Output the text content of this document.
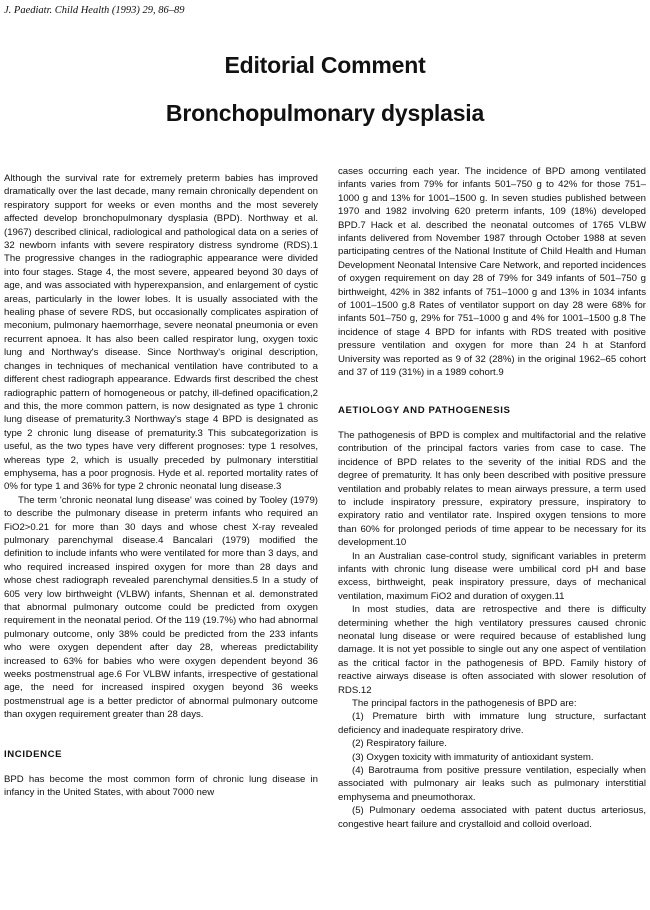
J. Paediatr. Child Health (1993) 29, 86–89
Editorial Comment
Bronchopulmonary dysplasia

Although the survival rate for extremely preterm babies has improved dramatically over the last decade, many remain chronically dependent on respiratory support for weeks or even months and the most severely affected develop bronchopulmonary dysplasia (BPD). Northway et al. (1967) described clinical, radiological and pathological data on a series of 32 newborn infants with severe respiratory distress syndrome (RDS).1 The progressive changes in the radiographic appearance were divided into four stages. Stage 4, the most severe, appeared beyond 30 days of age, and was associated with hyperexpansion, and enlargement of cystic areas, particularly in the lower lobes. It is usually associated with the healing phase of severe RDS, but occasionally complicates aspiration of meconium, pulmonary haemorrhage, severe neonatal pneumonia or even recurrent apnoea. It has also been called respirator lung, oxygen toxic lung and Northway's disease. Since Northway's original description, changes in techniques of mechanical ventilation have contributed to a different chest radiograph appearance. Edwards first described the chest radiographic pattern of homogeneous or patchy, ill-defined opacification,2 and this, the more common pattern, is now designated as type 1 chronic lung disease of prematurity.3 Northway's stage 4 BPD is designated as type 2 chronic lung disease of prematurity.3 This subcategorization is useful, as the two types have very different prognoses: type 1 resolves, whereas type 2, which is usually preceded by pulmonary interstitial emphysema, has a poor prognosis. Hyde et al. reported mortality rates of 0% for type 1 and 36% for type 2 chronic neonatal lung disease.3

The term 'chronic neonatal lung disease' was coined by Tooley (1979) to describe the pulmonary disease in preterm infants who required an FiO2>0.21 for more than 30 days and whose chest X-ray revealed pulmonary parenchymal disease.4 Bancalari (1979) modified the definition to include infants who were ventilated for more than 3 days, and who required increased inspired oxygen for more than 28 days and whose chest radiograph revealed parenchymal densities.5 In a study of 605 very low birthweight (VLBW) infants, Shennan et al. demonstrated that abnormal pulmonary outcome could be predicted from oxygen requirement in the neonatal period. Of the 119 (19.7%) who had abnormal pulmonary outcome, only 38% could be predicted from the 233 infants who were oxygen dependent after day 28, whereas predictability increased to 63% for babies who were oxygen dependent beyond 36 weeks postmenstrual age.6 For VLBW infants, irrespective of gestational age, the need for increased inspired oxygen beyond 36 weeks postmenstrual age is a better predictor of abnormal pulmonary outcome than oxygen requirement greater than 28 days.

INCIDENCE

BPD has become the most common form of chronic lung disease in infancy in the United States, with about 7000 new

cases occurring each year. The incidence of BPD among ventilated infants varies from 79% for infants 501–750 g to 42% for those 751–1000 g and 13% for 1001–1500 g. In seven studies published between 1970 and 1982 involving 620 preterm infants, 109 (18%) developed BPD.7 Hack et al. described the neonatal outcomes of 1765 VLBW infants delivered from November 1987 through October 1988 at seven participating centres of the National Institute of Child Health and Human Development Neonatal Intensive Care Network, and reported incidences of oxygen requirement on day 28 of 79% for 349 infants of 501–750 g birthweight, 42% in 382 infants of 751–1000 g and 13% in 1034 infants of 1001–1500 g.8 Rates of ventilator support on day 28 were 68% for infants 501–750 g, 29% for 751–1000 g and 4% for 1001–1500 g.8 The incidence of stage 4 BPD for infants with RDS treated with positive pressure ventilation and oxygen for more than 24 h at Stanford University was reported as 9 of 32 (28%) in the original 1962–65 cohort and 37 of 119 (31%) in a 1989 cohort.9

AETIOLOGY AND PATHOGENESIS

The pathogenesis of BPD is complex and multifactorial and the relative contribution of the principal factors varies from case to case. The incidence of BPD relates to the severity of the initial RDS and the degree of prematurity. It has only been described with positive pressure ventilation and probably relates to mean airways pressure, a term used to include inspiratory pressure, expiratory pressure, inspiratory to expiratory ratio and ventilator rate. Inspired oxygen tensions to more than 60% for prolonged periods of time appear to be necessary for its development.10

In an Australian case-control study, significant variables in preterm infants with chronic lung disease were umbilical cord pH and base excess, birthweight, peak inspiratory pressure, days of mechanical ventilation, maximum FiO2 and duration of oxygen.11

In most studies, data are retrospective and there is difficulty determining whether the high ventilatory pressures caused chronic neonatal lung disease or were required because of established lung damage. It is not yet possible to single out any one aspect of ventilation as the critical factor in the pathogenesis of BPD. Family history of reactive airways disease is often associated with slower resolution of RDS.12

The principal factors in the pathogenesis of BPD are:

(1) Premature birth with immature lung structure, surfactant deficiency and inadequate respiratory drive.

(2) Respiratory failure.

(3) Oxygen toxicity with immaturity of antioxidant system.

(4) Barotrauma from positive pressure ventilation, especially when associated with pulmonary air leaks such as pulmonary interstitial emphysema and pneumothorax.

(5) Pulmonary oedema associated with patent ductus arteriosus, congestive heart failure and crystalloid and colloid overload.
